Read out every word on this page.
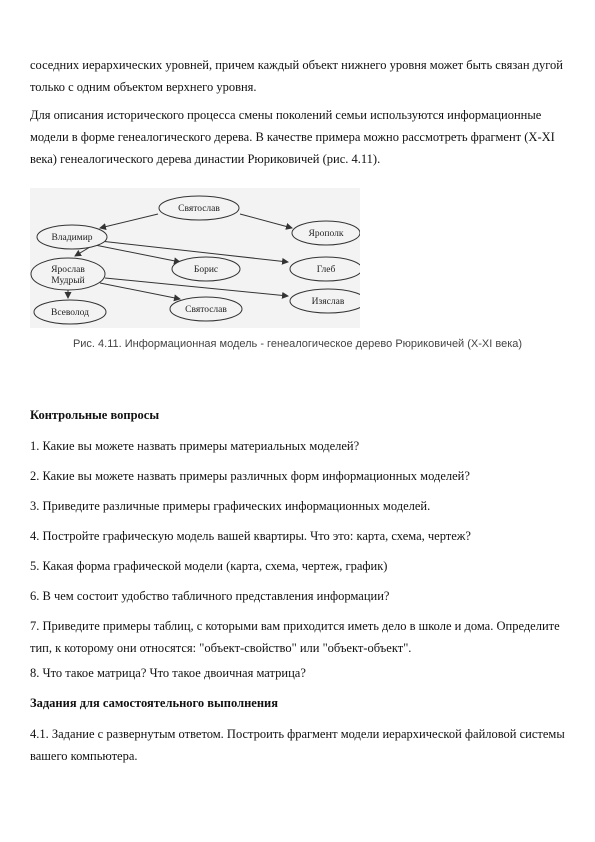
соседних иерархических уровней, причем каждый объект нижнего уровня может быть связан дугой только с одним объектом верхнего уровня.

Для описания исторического процесса смены поколений семьи используются информационные модели в форме генеалогического дерева. В качестве примера можно рассмотреть фрагмент (X-XI века) генеалогического дерева династии Рюриковичей (рис. 4.11).

Святослав
Владимир	Ярополк
Ярослав
Мудрый
Борис	Глеб
Всеволод	Святослав
Изяслав
Рис. 4.11. Информационная модель - генеалогическое дерево Рюриковичей (X-XI века)

Контрольные вопросы

1. Какие вы можете назвать примеры материальных моделей?

2. Какие вы можете назвать примеры различных форм информационных моделей?

3. Приведите различные примеры графических информационных моделей.

4. Постройте графическую модель вашей квартиры. Что это: карта, схема, чертеж?

5. Какая форма графической модели (карта, схема, чертеж, график)

6. В чем состоит удобство табличного представления информации?

7. Приведите примеры таблиц, с которыми вам приходится иметь дело в школе и дома. Определите тип, к которому они относятся: "объект-свойство" или "объект-объект".

8. Что такое матрица? Что такое двоичная матрица?

Задания для самостоятельного выполнения

4.1. Задание с развернутым ответом. Построить фрагмент модели иерархической файловой системы вашего компьютера.
